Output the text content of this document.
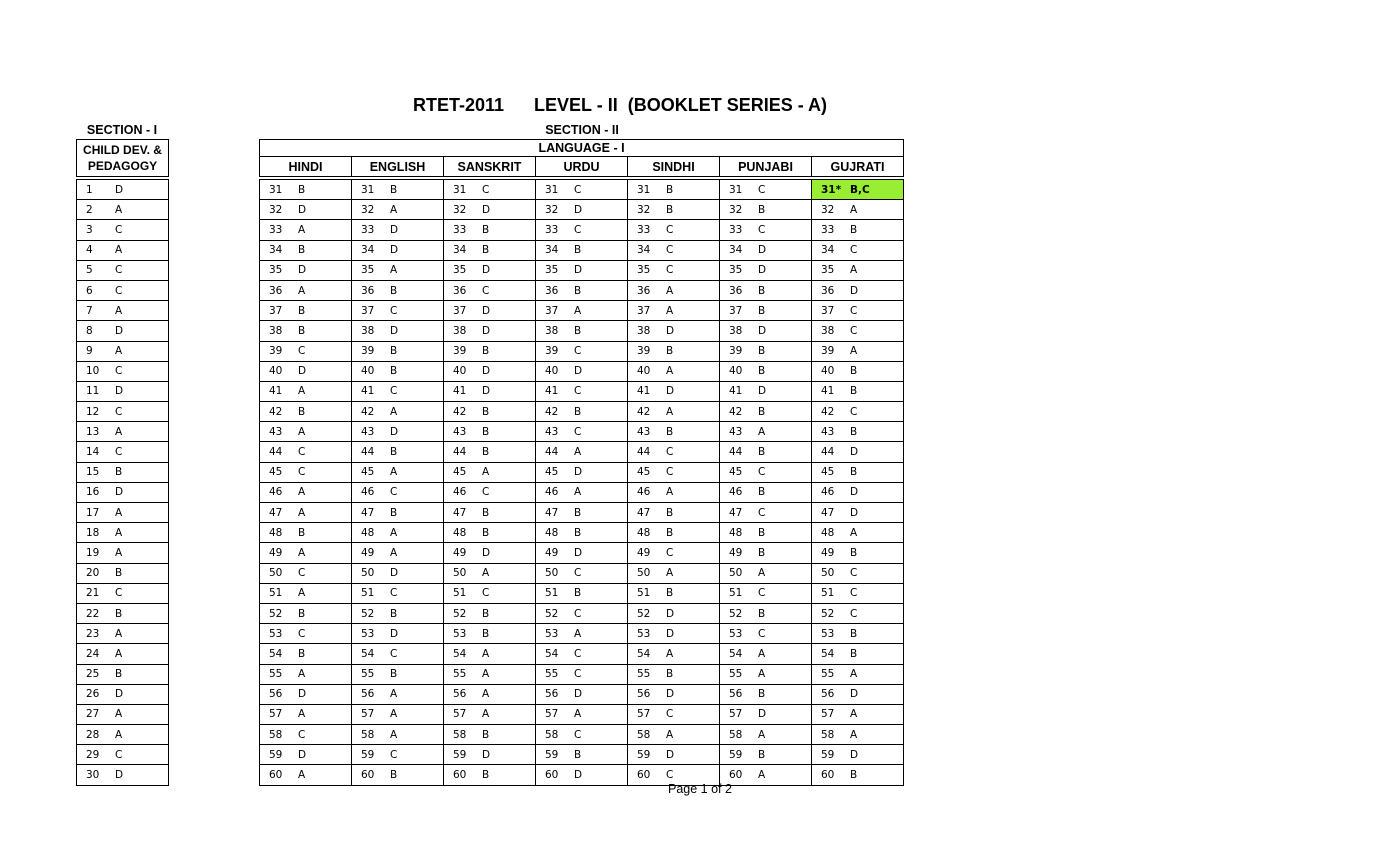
RTET-2011 LEVEL - II  (BOOKLET SERIES - A)
SECTION - I	SECTION - II
CHILD DEV. & PEDAGOGY

1 D
2 A
3 C
4 A
5 C
6 C
7 A
8 D
9 A
10 C
11 D
12 C
13 A
14 C
15 B
16 D
17 A
18 A
19 A
20 B
21 C
22 B
23 A
24 A
25 B
26 D
27 A
28 A
29 C
30 D
LANGUAGE - I						
HINDI	ENGLISH	SANSKRIT	URDU	SINDHI	PUNJABI	GUJRATI

31 B	31 B	31 C	31 C	31 B	31 C	31* B,C
32 D	32 A	32 D	32 D	32 B	32 B	32 A
33 A	33 D	33 B	33 C	33 C	33 C	33 B
34 B	34 D	34 B	34 B	34 C	34 D	34 C
35 D	35 A	35 D	35 D	35 C	35 D	35 A
36 A	36 B	36 C	36 B	36 A	36 B	36 D
37 B	37 C	37 D	37 A	37 A	37 B	37 C
38 B	38 D	38 D	38 B	38 D	38 D	38 C
39 C	39 B	39 B	39 C	39 B	39 B	39 A
40 D	40 B	40 D	40 D	40 A	40 B	40 B
41 A	41 C	41 D	41 C	41 D	41 D	41 B
42 B	42 A	42 B	42 B	42 A	42 B	42 C
43 A	43 D	43 B	43 C	43 B	43 A	43 B
44 C	44 B	44 B	44 A	44 C	44 B	44 D
45 C	45 A	45 A	45 D	45 C	45 C	45 B
46 A	46 C	46 C	46 A	46 A	46 B	46 D
47 A	47 B	47 B	47 B	47 B	47 C	47 D
48 B	48 A	48 B	48 B	48 B	48 B	48 A
49 A	49 A	49 D	49 D	49 C	49 B	49 B
50 C	50 D	50 A	50 C	50 A	50 A	50 C
51 A	51 C	51 C	51 B	51 B	51 C	51 C
52 B	52 B	52 B	52 C	52 D	52 B	52 C
53 C	53 D	53 B	53 A	53 D	53 C	53 B
54 B	54 C	54 A	54 C	54 A	54 A	54 B
55 A	55 B	55 A	55 C	55 B	55 A	55 A
56 D	56 A	56 A	56 D	56 D	56 B	56 D
57 A	57 A	57 A	57 A	57 C	57 D	57 A
58 C	58 A	58 B	58 C	58 A	58 A	58 A
59 D	59 C	59 D	59 B	59 D	59 B	59 D
60 A	60 B	60 B	60 D	60 C	60 A	60 B
Page 1 of 2
